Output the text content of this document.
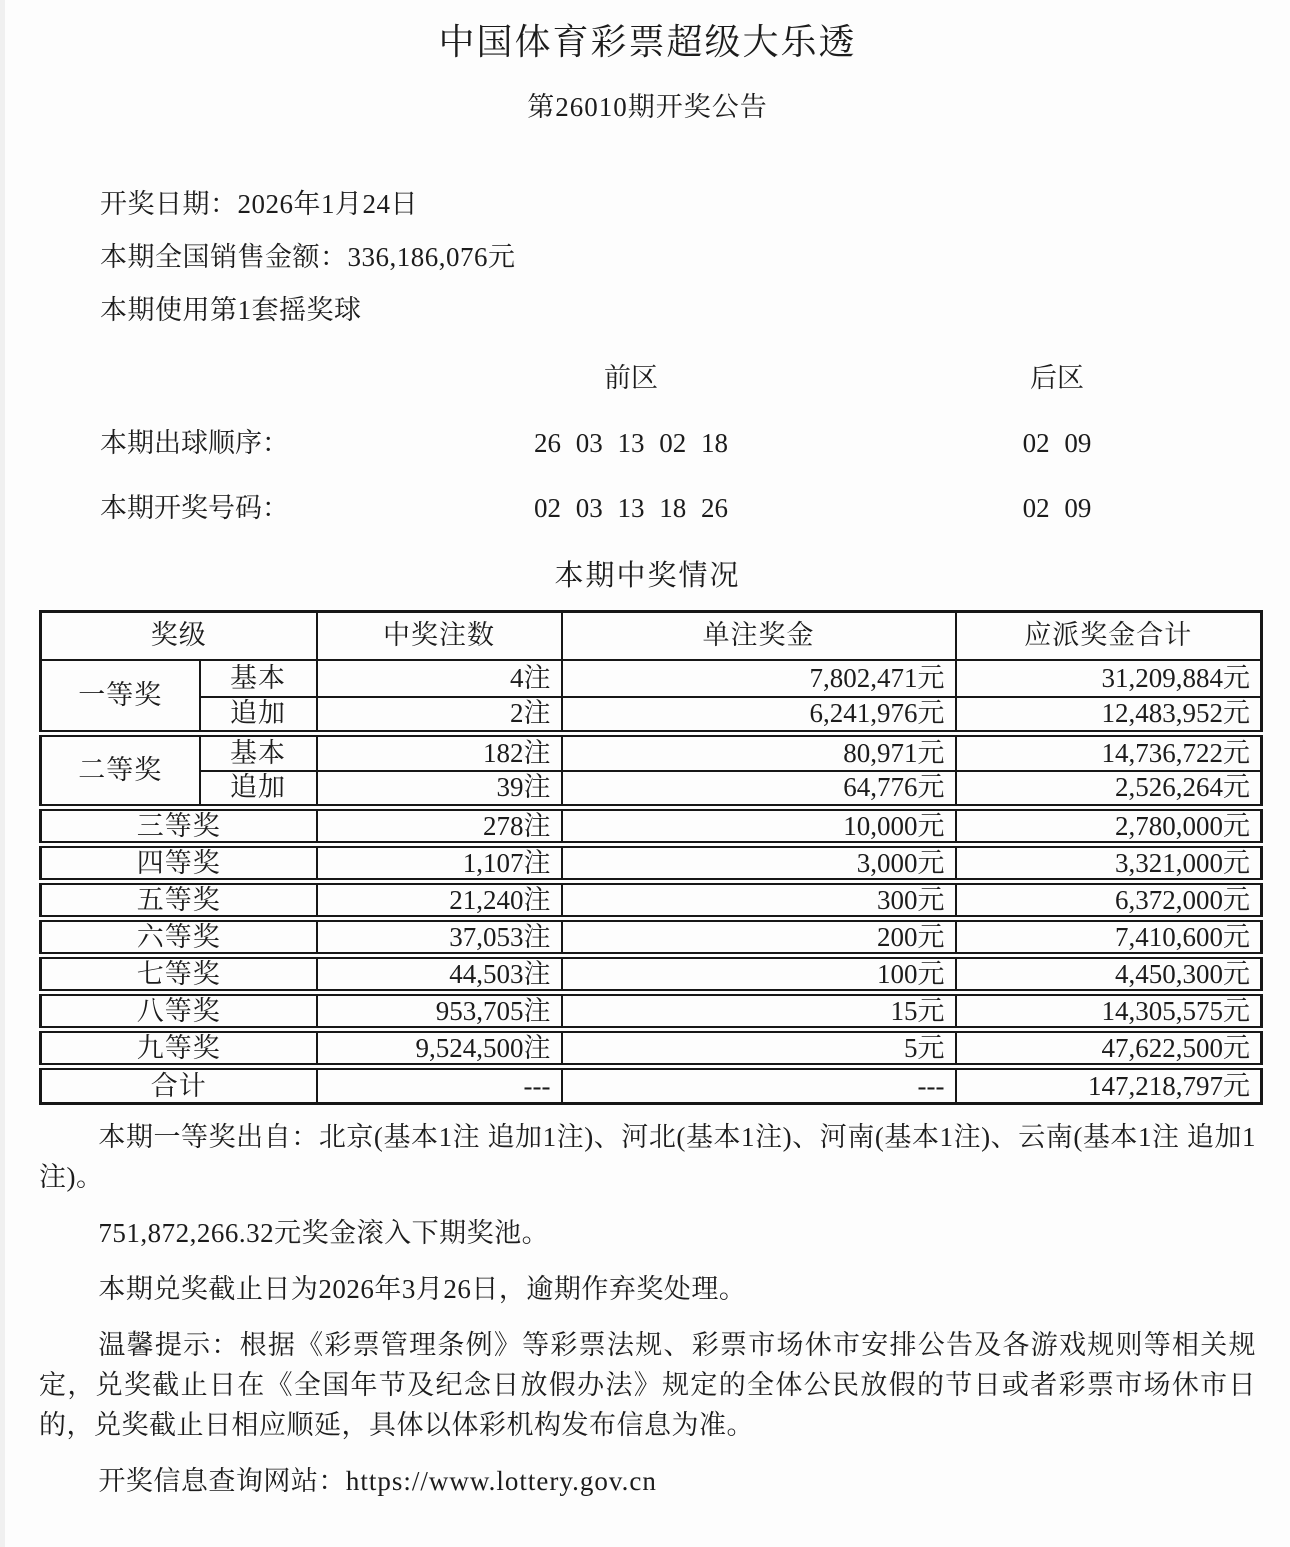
中国体育彩票超级大乐透
第26010期开奖公告
开奖日期：2026年1月24日
本期全国销售金额：336,186,076元
本期使用第1套摇奖球
前区	后区
本期出球顺序：	26 03 13 02 18	02 09
本期开奖号码：	02 03 13 18 26	02 09
本期中奖情况
奖级		中奖注数	单注奖金	应派奖金合计
一等奖	基本	4注	7,802,471元	31,209,884元
	追加	2注	6,241,976元	12,483,952元
二等奖	基本	182注	80,971元	14,736,722元
	追加	39注	64,776元	2,526,264元
三等奖		278注	10,000元	2,780,000元
四等奖		1,107注	3,000元	3,321,000元
五等奖		21,240注	300元	6,372,000元
六等奖		37,053注	200元	7,410,600元
七等奖		44,503注	100元	4,450,300元
八等奖		953,705注	15元	14,305,575元
九等奖		9,524,500注	5元	47,622,500元
合计		---	---	147,218,797元

本期一等奖出自：北京(基本1注 追加1注)、河北(基本1注)、河南(基本1注)、云南(基本1注 追加1注)。

751,872,266.32元奖金滚入下期奖池。

本期兑奖截止日为2026年3月26日，逾期作弃奖处理。

温馨提示：根据《彩票管理条例》等彩票法规、彩票市场休市安排公告及各游戏规则等相关规定，兑奖截止日在《全国年节及纪念日放假办法》规定的全体公民放假的节日或者彩票市场休市日的，兑奖截止日相应顺延，具体以体彩机构发布信息为准。

开奖信息查询网站：https://www.lottery.gov.cn
